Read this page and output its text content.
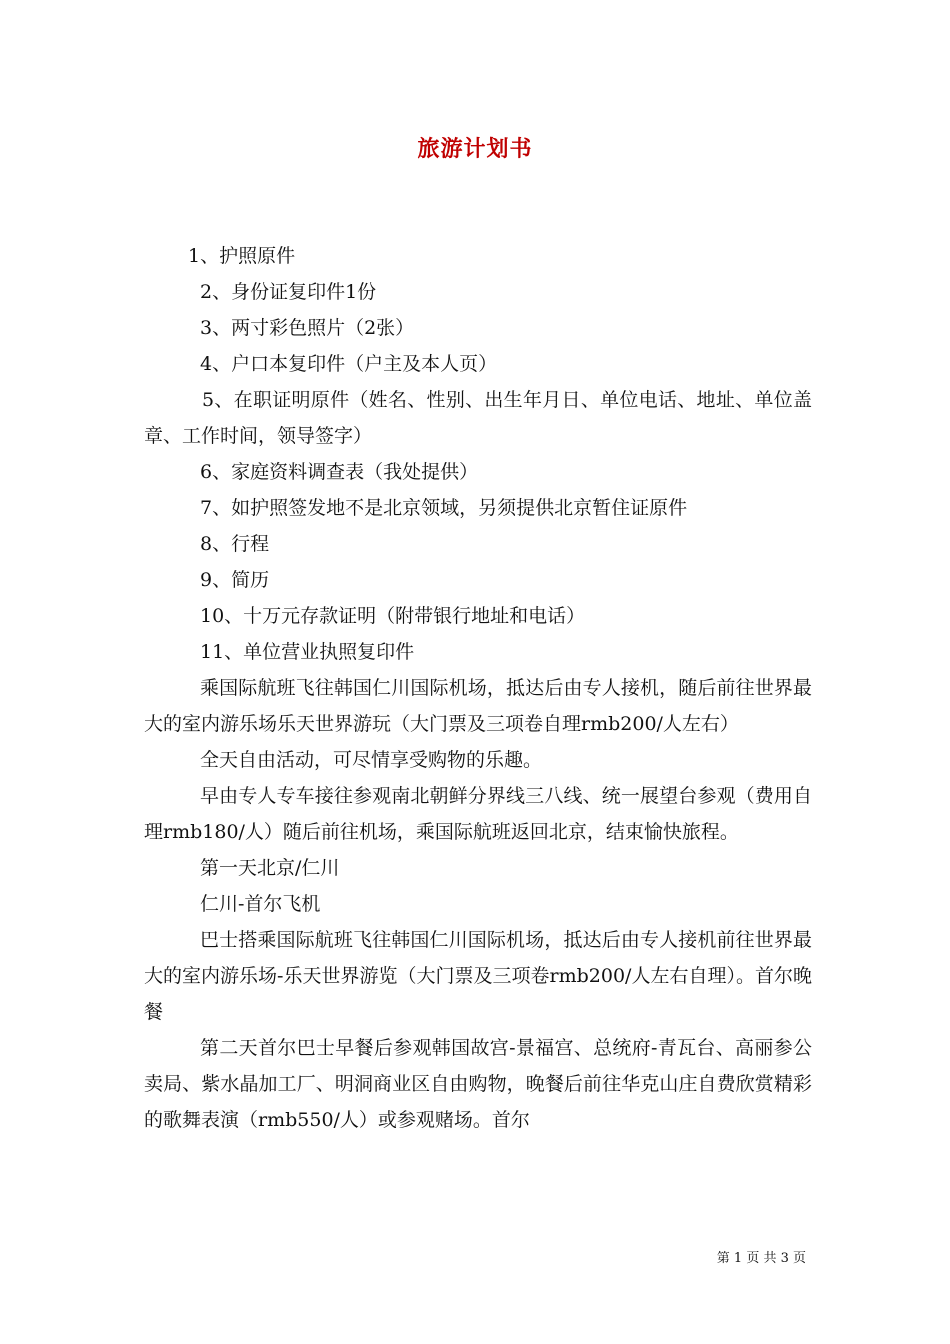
旅游计划书

1、护照原件

2、身份证复印件1份

3、两寸彩色照片（2张）

4、户口本复印件（户主及本人页）

5、在职证明原件（姓名、性别、出生年月日、单位电话、地址、单位盖章、工作时间，领导签字）

6、家庭资料调查表（我处提供）

7、如护照签发地不是北京领域，另须提供北京暂住证原件

8、行程

9、简历

10、十万元存款证明（附带银行地址和电话）

11、单位营业执照复印件

乘国际航班飞往韩国仁川国际机场，抵达后由专人接机，随后前往世界最大的室内游乐场乐天世界游玩（大门票及三项卷自理rmb200/人左右）

全天自由活动，可尽情享受购物的乐趣。

早由专人专车接往参观南北朝鲜分界线三八线、统一展望台参观（费用自理rmb180/人）随后前往机场，乘国际航班返回北京，结束愉快旅程。

第一天北京/仁川

仁川-首尔飞机

巴士搭乘国际航班飞往韩国仁川国际机场，抵达后由专人接机前往世界最大的室内游乐场-乐天世界游览（大门票及三项卷rmb200/人左右自理）。首尔晚餐

第二天首尔巴士早餐后参观韩国故宫-景福宫、总统府-青瓦台、高丽参公卖局、紫水晶加工厂、明洞商业区自由购物，晚餐后前往华克山庄自费欣赏精彩的歌舞表演（rmb550/人）或参观赌场。首尔

第 1 页 共 3 页
